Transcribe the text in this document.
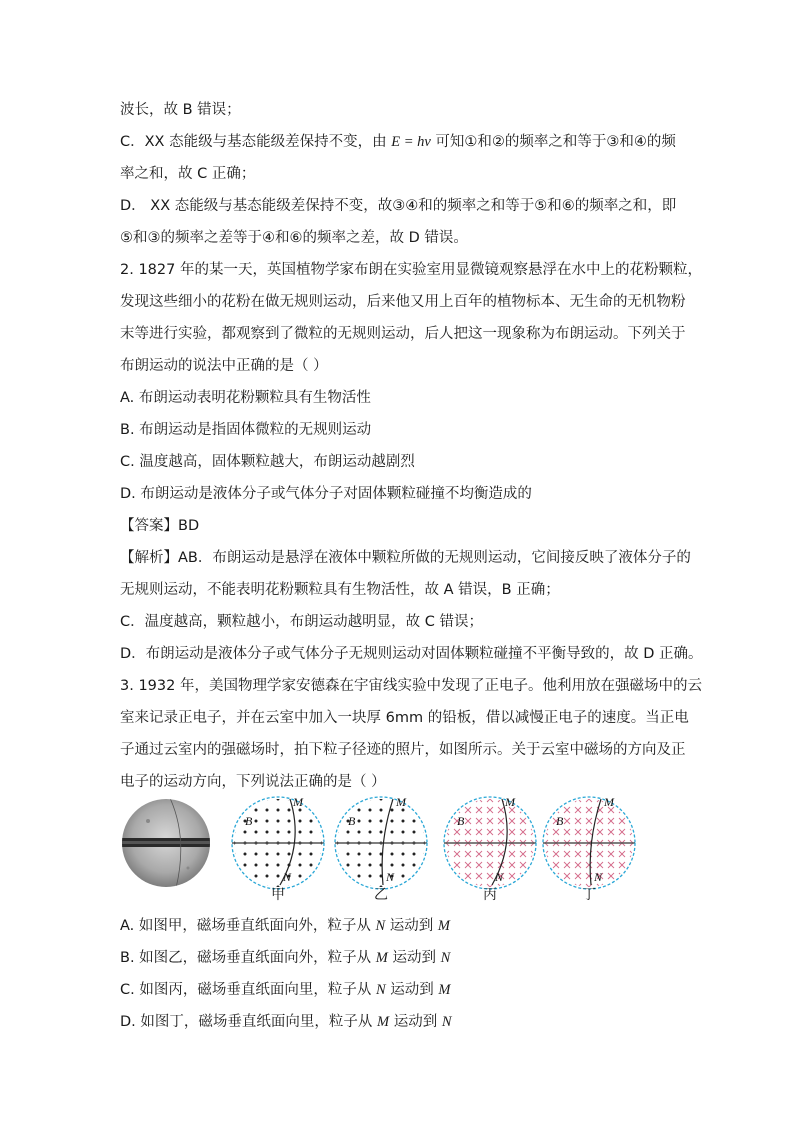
波长，故 B 错误；
C．XX 态能级与基态能级差保持不变，由 E = hν 可知①和②的频率之和等于③和④的频
率之和，故 C 正确；
D． XX 态能级与基态能级差保持不变，故③④和的频率之和等于⑤和⑥的频率之和，即
⑤和③的频率之差等于④和⑥的频率之差，故 D 错误。
2. 1827 年的某一天，英国植物学家布朗在实验室用显微镜观察悬浮在水中上的花粉颗粒，
发现这些细小的花粉在做无规则运动，后来他又用上百年的植物标本、无生命的无机物粉
末等进行实验，都观察到了微粒的无规则运动，后人把这一现象称为布朗运动。下列关于
布朗运动的说法中正确的是（ ）
A. 布朗运动表明花粉颗粒具有生物活性
B. 布朗运动是指固体微粒的无规则运动
C. 温度越高，固体颗粒越大，布朗运动越剧烈
D. 布朗运动是液体分子或气体分子对固体颗粒碰撞不均衡造成的
【答案】BD
【解析】AB．布朗运动是悬浮在液体中颗粒所做的无规则运动，它间接反映了液体分子的
无规则运动，不能表明花粉颗粒具有生物活性，故 A 错误，B 正确；
C．温度越高，颗粒越小，布朗运动越明显，故 C 错误；
D．布朗运动是液体分子或气体分子无规则运动对固体颗粒碰撞不平衡导致的，故 D 正确。
3. 1932 年，美国物理学家安德森在宇宙线实验中发现了正电子。他利用放在强磁场中的云
室来记录正电子，并在云室中加入一块厚 6mm 的铅板，借以减慢正电子的速度。当正电
子通过云室内的强磁场时，拍下粒子径迹的照片，如图所示。关于云室中磁场的方向及正
电子的运动方向，下列说法正确的是（ ）
B
M
N
B
M
N
B
M
N
B
M
N
甲	乙	丙	丁
A. 如图甲，磁场垂直纸面向外，粒子从 N 运动到 M
B. 如图乙，磁场垂直纸面向外，粒子从 M 运动到 N
C. 如图丙，磁场垂直纸面向里，粒子从 N 运动到 M
D. 如图丁，磁场垂直纸面向里，粒子从 M 运动到 N
